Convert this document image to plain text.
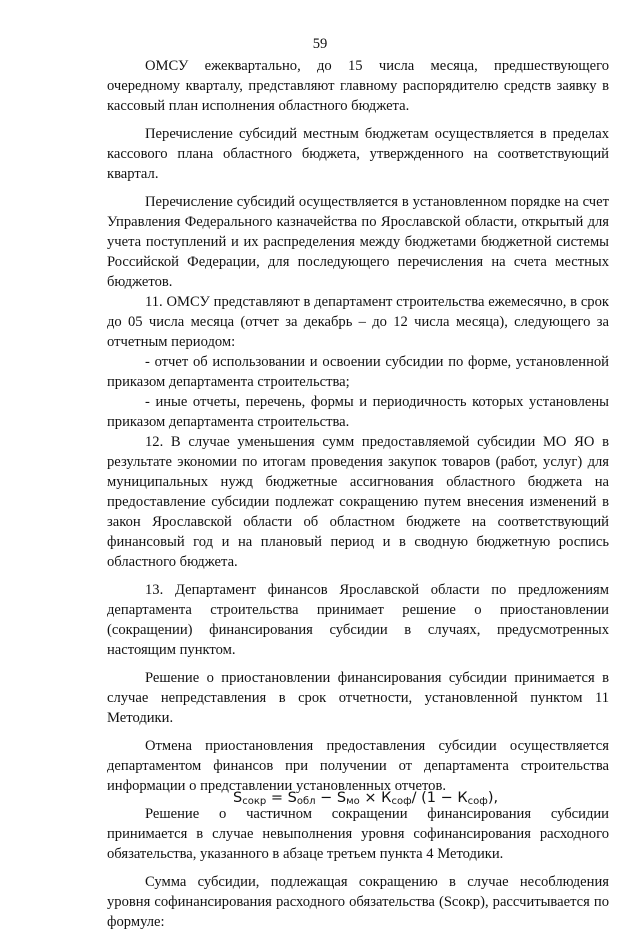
59

ОМСУ ежеквартально, до 15 числа месяца, предшествующего очередному кварталу, представляют главному распорядителю средств заявку в кассовый план исполнения областного бюджета.

Перечисление субсидий местным бюджетам осуществляется в пределах кассового плана областного бюджета, утвержденного на соответствующий квартал.

Перечисление субсидий осуществляется в установленном порядке на счет Управления Федерального казначейства по Ярославской области, открытый для учета поступлений и их распределения между бюджетами бюджетной системы Российской Федерации, для последующего перечисления на счета местных бюджетов.

11. ОМСУ представляют в департамент строительства ежемесячно, в срок до 05 числа месяца (отчет за декабрь – до 12 числа месяца), следующего за отчетным периодом:

- отчет об использовании и освоении субсидии по форме, установленной приказом департамента строительства;

- иные отчеты, перечень, формы и периодичность которых установлены приказом департамента строительства.

12. В случае уменьшения сумм предоставляемой субсидии МО ЯО в результате экономии по итогам проведения закупок товаров (работ, услуг) для муниципальных нужд бюджетные ассигнования областного бюджета на предоставление субсидии подлежат сокращению путем внесения изменений в закон Ярославской области об областном бюджете на соответствующий финансовый год и на плановый период и в сводную бюджетную роспись областного бюджета.

13. Департамент финансов Ярославской области по предложениям департамента строительства принимает решение о приостановлении (сокращении) финансирования субсидии в случаях, предусмотренных настоящим пунктом.

Решение о приостановлении финансирования субсидии принимается в случае непредставления в срок отчетности, установленной пунктом 11 Методики.

Отмена приостановления предоставления субсидии осуществляется департаментом финансов при получении от департамента строительства информации о представлении установленных отчетов.

Решение о частичном сокращении финансирования субсидии принимается в случае невыполнения уровня софинансирования расходного обязательства, указанного в абзаце третьем пункта 4 Методики.

Сумма субсидии, подлежащая сокращению в случае несоблюдения уровня софинансирования расходного обязательства (Sсокр), рассчитывается по формуле:

$S_{сокр} = S_{обл} - S_{мо} \times К_{соф}/$ $(1 - К_{соф})$,
